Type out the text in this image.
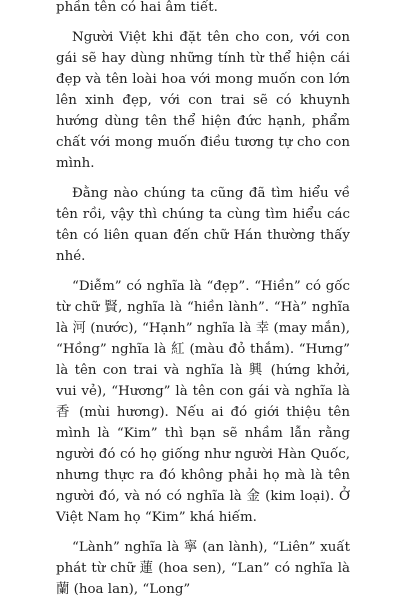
phần tên có hai âm tiết.

Người Việt khi đặt tên cho con, với con gái sẽ hay dùng những tính từ thể hiện cái đẹp và tên loài hoa với mong muốn con lớn lên xinh đẹp, với con trai sẽ có khuynh hướng dùng tên thể hiện đức hạnh, phẩm chất với mong muốn điều tương tự cho con mình.

Đằng nào chúng ta cũng đã tìm hiểu về tên rồi, vậy thì chúng ta cùng tìm hiểu các tên có liên quan đến chữ Hán thường thấy nhé.

“Diễm” có nghĩa là “đẹp”. “Hiền” có gốc từ chữ 賢, nghĩa là “hiền lành”. “Hà” nghĩa là 河 (nước), “Hạnh” nghĩa là 幸 (may mắn), “Hồng” nghĩa là 紅 (màu đỏ thắm). “Hưng” là tên con trai và nghĩa là 興 (hứng khởi, vui vẻ), “Hương” là tên con gái và nghĩa là 香 (mùi hương). Nếu ai đó giới thiệu tên mình là “Kim” thì bạn sẽ nhầm lẫn rằng người đó có họ giống như người Hàn Quốc, nhưng thực ra đó không phải họ mà là tên người đó, và nó có nghĩa là 金 (kim loại). Ở Việt Nam họ “Kim” khá hiếm.

“Lành” nghĩa là 寧 (an lành), “Liên” xuất phát từ chữ 蓮 (hoa sen), “Lan” có nghĩa là 蘭 (hoa lan), “Long”
